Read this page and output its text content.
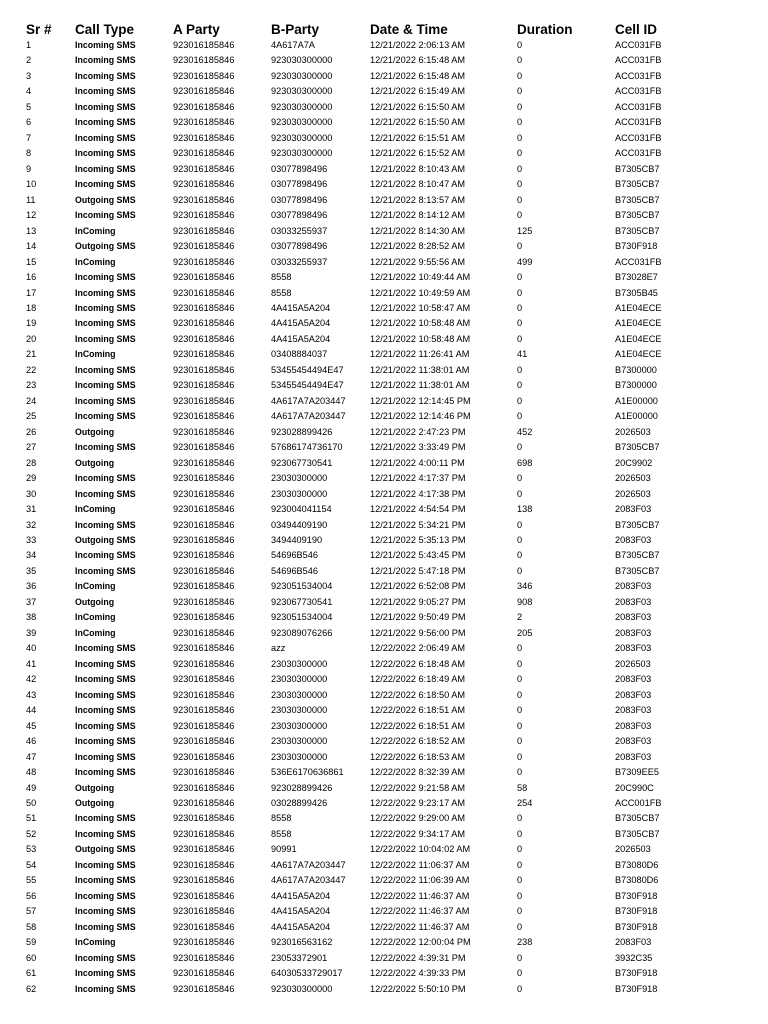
Sr #	Call Type	A Party	B-Party	Date & Time	Duration	Cell ID
1	Incoming SMS	923016185846	4A617A7A	12/21/2022 2:06:13 AM	0	ACC031FB
2	Incoming SMS	923016185846	923030300000	12/21/2022 6:15:48 AM	0	ACC031FB
3	Incoming SMS	923016185846	923030300000	12/21/2022 6:15:48 AM	0	ACC031FB
4	Incoming SMS	923016185846	923030300000	12/21/2022 6:15:49 AM	0	ACC031FB
5	Incoming SMS	923016185846	923030300000	12/21/2022 6:15:50 AM	0	ACC031FB
6	Incoming SMS	923016185846	923030300000	12/21/2022 6:15:50 AM	0	ACC031FB
7	Incoming SMS	923016185846	923030300000	12/21/2022 6:15:51 AM	0	ACC031FB
8	Incoming SMS	923016185846	923030300000	12/21/2022 6:15:52 AM	0	ACC031FB
9	Incoming SMS	923016185846	03077898496	12/21/2022 8:10:43 AM	0	B7305CB7
10	Incoming SMS	923016185846	03077898496	12/21/2022 8:10:47 AM	0	B7305CB7
11	Outgoing SMS	923016185846	03077898496	12/21/2022 8:13:57 AM	0	B7305CB7
12	Incoming SMS	923016185846	03077898496	12/21/2022 8:14:12 AM	0	B7305CB7
13	InComing	923016185846	03033255937	12/21/2022 8:14:30 AM	125	B7305CB7
14	Outgoing SMS	923016185846	03077898496	12/21/2022 8:28:52 AM	0	B730F918
15	InComing	923016185846	03033255937	12/21/2022 9:55:56 AM	499	ACC031FB
16	Incoming SMS	923016185846	8558	12/21/2022 10:49:44 AM	0	B73028E7
17	Incoming SMS	923016185846	8558	12/21/2022 10:49:59 AM	0	B7305B45
18	Incoming SMS	923016185846	4A415A5A204	12/21/2022 10:58:47 AM	0	A1E04ECE
19	Incoming SMS	923016185846	4A415A5A204	12/21/2022 10:58:48 AM	0	A1E04ECE
20	Incoming SMS	923016185846	4A415A5A204	12/21/2022 10:58:48 AM	0	A1E04ECE
21	InComing	923016185846	03408884037	12/21/2022 11:26:41 AM	41	A1E04ECE
22	Incoming SMS	923016185846	53455454494E47	12/21/2022 11:38:01 AM	0	B7300000
23	Incoming SMS	923016185846	53455454494E47	12/21/2022 11:38:01 AM	0	B7300000
24	Incoming SMS	923016185846	4A617A7A203447	12/21/2022 12:14:45 PM	0	A1E00000
25	Incoming SMS	923016185846	4A617A7A203447	12/21/2022 12:14:46 PM	0	A1E00000
26	Outgoing	923016185846	923028899426	12/21/2022 2:47:23 PM	452	2026503
27	Incoming SMS	923016185846	57686174736170	12/21/2022 3:33:49 PM	0	B7305CB7
28	Outgoing	923016185846	923067730541	12/21/2022 4:00:11 PM	698	20C9902
29	Incoming SMS	923016185846	23030300000	12/21/2022 4:17:37 PM	0	2026503
30	Incoming SMS	923016185846	23030300000	12/21/2022 4:17:38 PM	0	2026503
31	InComing	923016185846	923004041154	12/21/2022 4:54:54 PM	138	2083F03
32	Incoming SMS	923016185846	03494409190	12/21/2022 5:34:21 PM	0	B7305CB7
33	Outgoing SMS	923016185846	3494409190	12/21/2022 5:35:13 PM	0	2083F03
34	Incoming SMS	923016185846	54696B546	12/21/2022 5:43:45 PM	0	B7305CB7
35	Incoming SMS	923016185846	54696B546	12/21/2022 5:47:18 PM	0	B7305CB7
36	InComing	923016185846	923051534004	12/21/2022 6:52:08 PM	346	2083F03
37	Outgoing	923016185846	923067730541	12/21/2022 9:05:27 PM	908	2083F03
38	InComing	923016185846	923051534004	12/21/2022 9:50:49 PM	2	2083F03
39	InComing	923016185846	923089076266	12/21/2022 9:56:00 PM	205	2083F03
40	Incoming SMS	923016185846	azz	12/22/2022 2:06:49 AM	0	2083F03
41	Incoming SMS	923016185846	23030300000	12/22/2022 6:18:48 AM	0	2026503
42	Incoming SMS	923016185846	23030300000	12/22/2022 6:18:49 AM	0	2083F03
43	Incoming SMS	923016185846	23030300000	12/22/2022 6:18:50 AM	0	2083F03
44	Incoming SMS	923016185846	23030300000	12/22/2022 6:18:51 AM	0	2083F03
45	Incoming SMS	923016185846	23030300000	12/22/2022 6:18:51 AM	0	2083F03
46	Incoming SMS	923016185846	23030300000	12/22/2022 6:18:52 AM	0	2083F03
47	Incoming SMS	923016185846	23030300000	12/22/2022 6:18:53 AM	0	2083F03
48	Incoming SMS	923016185846	536E6170636861	12/22/2022 8:32:39 AM	0	B7309EE5
49	Outgoing	923016185846	923028899426	12/22/2022 9:21:58 AM	58	20C990C
50	Outgoing	923016185846	03028899426	12/22/2022 9:23:17 AM	254	ACC001FB
51	Incoming SMS	923016185846	8558	12/22/2022 9:29:00 AM	0	B7305CB7
52	Incoming SMS	923016185846	8558	12/22/2022 9:34:17 AM	0	B7305CB7
53	Outgoing SMS	923016185846	90991	12/22/2022 10:04:02 AM	0	2026503
54	Incoming SMS	923016185846	4A617A7A203447	12/22/2022 11:06:37 AM	0	B73080D6
55	Incoming SMS	923016185846	4A617A7A203447	12/22/2022 11:06:39 AM	0	B73080D6
56	Incoming SMS	923016185846	4A415A5A204	12/22/2022 11:46:37 AM	0	B730F918
57	Incoming SMS	923016185846	4A415A5A204	12/22/2022 11:46:37 AM	0	B730F918
58	Incoming SMS	923016185846	4A415A5A204	12/22/2022 11:46:37 AM	0	B730F918
59	InComing	923016185846	923016563162	12/22/2022 12:00:04 PM	238	2083F03
60	Incoming SMS	923016185846	23053372901	12/22/2022 4:39:31 PM	0	3932C35
61	Incoming SMS	923016185846	64030533729017	12/22/2022 4:39:33 PM	0	B730F918
62	Incoming SMS	923016185846	923030300000	12/22/2022 5:50:10 PM	0	B730F918
